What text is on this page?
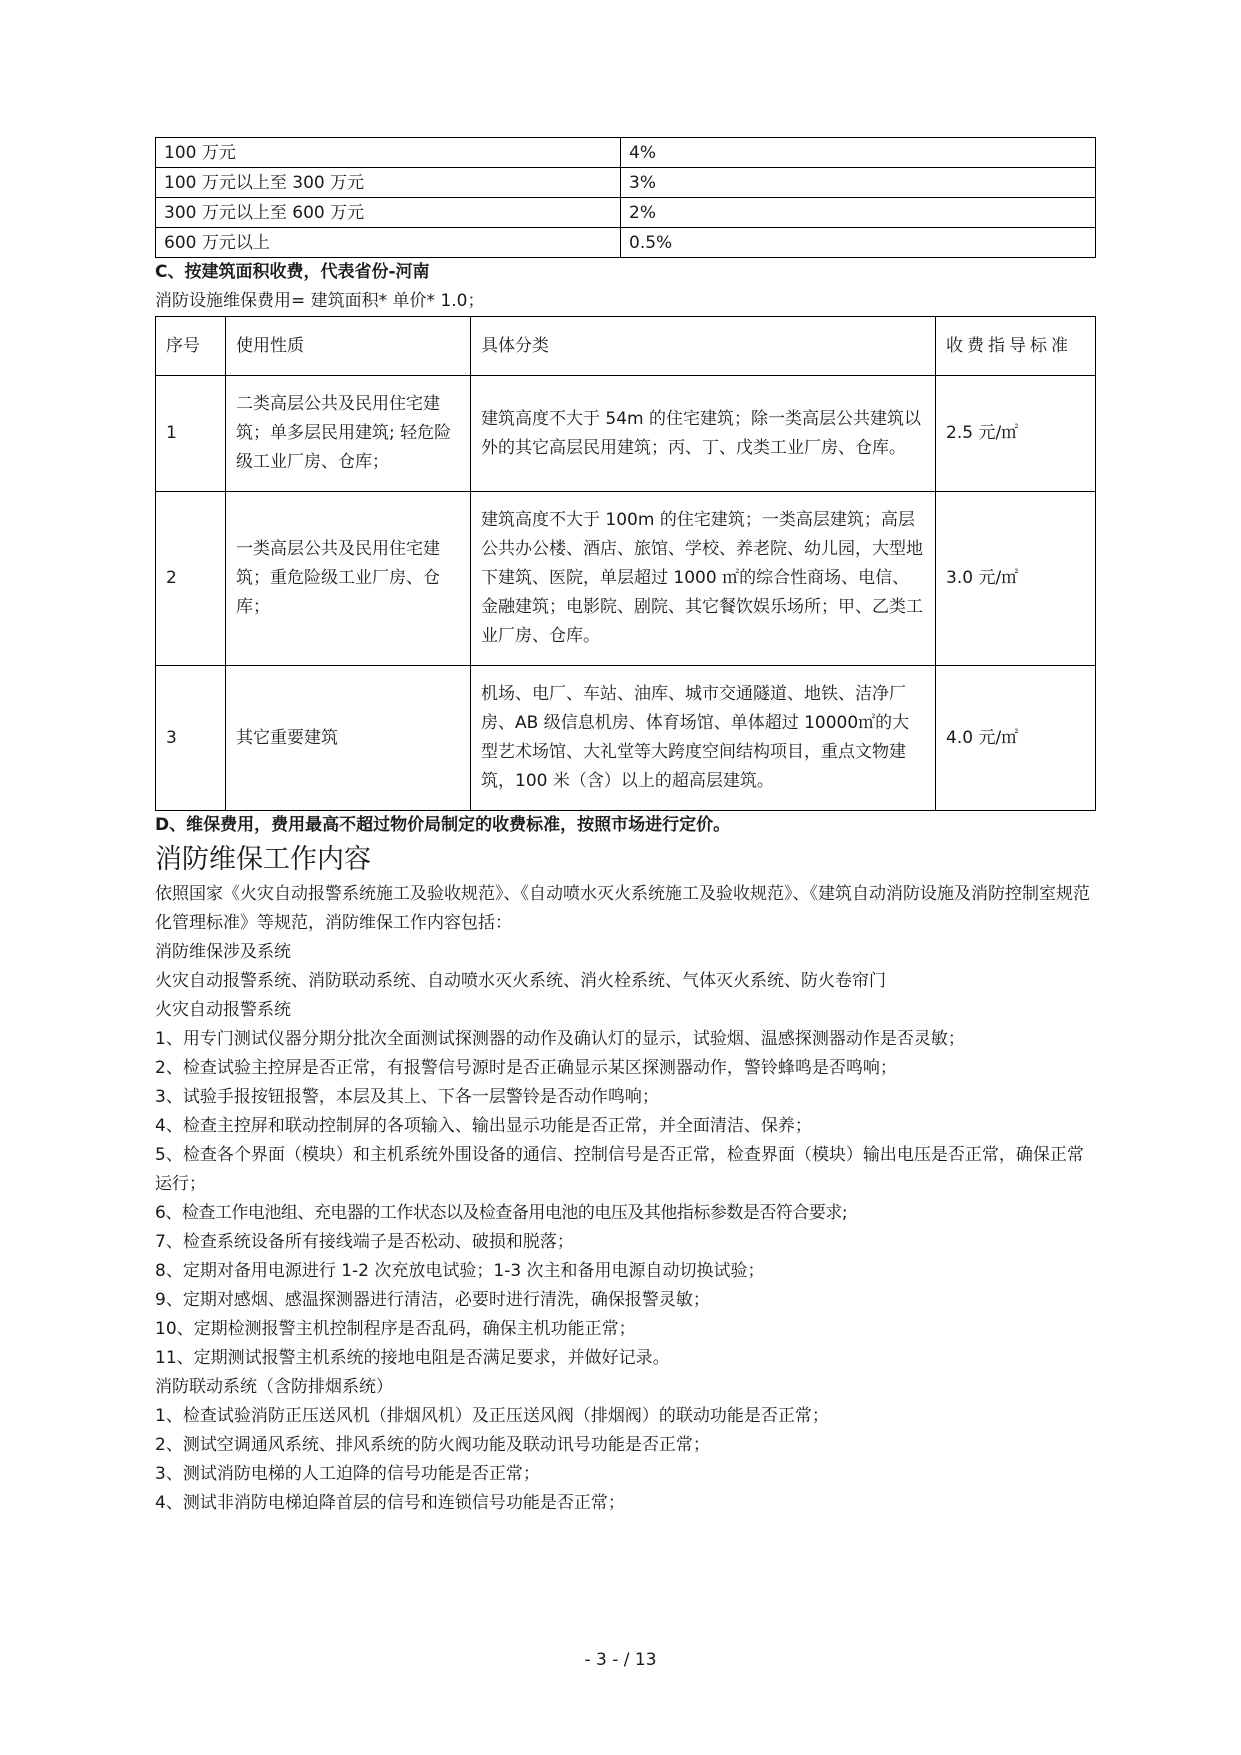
100 万元	4%
100 万元以上至 300 万元	3%
300 万元以上至 600 万元	2%
600 万元以上	0.5%
C、按建筑面积收费，代表省份-河南
消防设施维保费用= 建筑面积* 单价* 1.0；
序号	使用性质	具体分类	收费指导标准
1	二类高层公共及民用住宅建筑；单多层民用建筑; 轻危险级工业厂房、仓库；	建筑高度不大于 54m 的住宅建筑；除一类高层公共建筑以外的其它高层民用建筑；丙、丁、戊类工业厂房、仓库。	2.5 元/㎡
2	一类高层公共及民用住宅建筑；重危险级工业厂房、仓库；	建筑高度不大于 100m 的住宅建筑；一类高层建筑；高层公共办公楼、酒店、旅馆、学校、养老院、幼儿园，大型地下建筑、医院，单层超过 1000 ㎡的综合性商场、电信、金融建筑；电影院、剧院、其它餐饮娱乐场所；甲、乙类工业厂房、仓库。	3.0 元/㎡
3	其它重要建筑	机场、电厂、车站、油库、城市交通隧道、地铁、洁净厂房、AB 级信息机房、体育场馆、单体超过 10000㎡的大型艺术场馆、大礼堂等大跨度空间结构项目，重点文物建筑，100 米（含）以上的超高层建筑。	4.0 元/㎡
D、维保费用，费用最高不超过物价局制定的收费标准，按照市场进行定价。
消防维保工作内容
依照国家《火灾自动报警系统施工及验收规范》、《自动喷水灭火系统施工及验收规范》、《建筑自动消防设施及消防控制室规范化管理标准》等规范，消防维保工作内容包括：
消防维保涉及系统
火灾自动报警系统、消防联动系统、自动喷水灭火系统、消火栓系统、气体灭火系统、防火卷帘门
火灾自动报警系统
1、用专门测试仪器分期分批次全面测试探测器的动作及确认灯的显示，试验烟、温感探测器动作是否灵敏；
2、检查试验主控屏是否正常，有报警信号源时是否正确显示某区探测器动作，警铃蜂鸣是否鸣响；
3、试验手报按钮报警，本层及其上、下各一层警铃是否动作鸣响；
4、检查主控屏和联动控制屏的各项输入、输出显示功能是否正常，并全面清洁、保养；
5、检查各个界面（模块）和主机系统外围设备的通信、控制信号是否正常，检查界面（模块）输出电压是否正常，确保正常运行；
6、检查工作电池组、充电器的工作状态以及检查备用电池的电压及其他指标参数是否符合要求;
7、检查系统设备所有接线端子是否松动、破损和脱落；
8、定期对备用电源进行 1-2 次充放电试验；1-3 次主和备用电源自动切换试验；
9、定期对感烟、感温探测器进行清洁，必要时进行清洗，确保报警灵敏；
10、定期检测报警主机控制程序是否乱码，确保主机功能正常；
11、定期测试报警主机系统的接地电阻是否满足要求，并做好记录。
消防联动系统（含防排烟系统）
1、检查试验消防正压送风机（排烟风机）及正压送风阀（排烟阀）的联动功能是否正常；
2、测试空调通风系统、排风系统的防火阀功能及联动讯号功能是否正常；
3、测试消防电梯的人工迫降的信号功能是否正常；
4、测试非消防电梯迫降首层的信号和连锁信号功能是否正常；
- 3 - / 13
